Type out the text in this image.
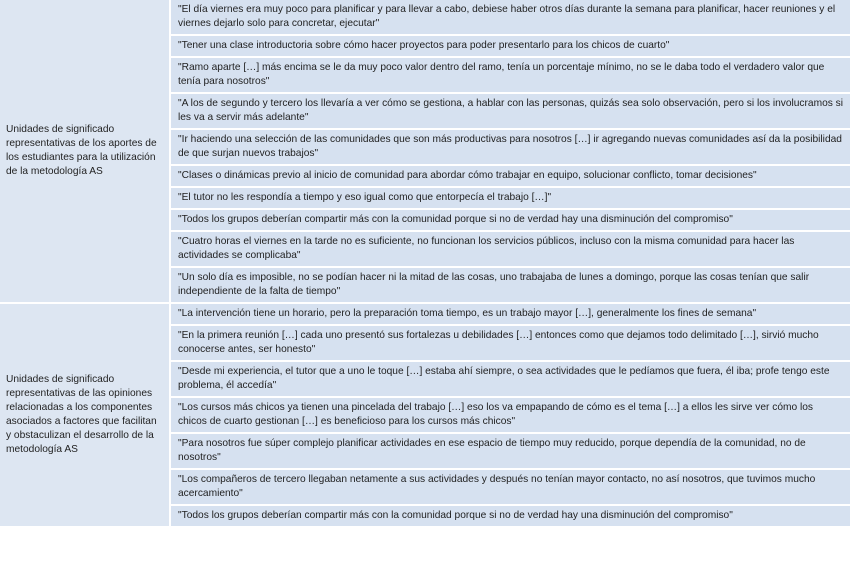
Unidades de significado representativas de los aportes de los estudiantes para la utilización de la metodología AS	"El día viernes era muy poco para planificar y para llevar a cabo, debiese haber otros días durante la semana para planificar, hacer reuniones y el viernes dejarlo solo para concretar, ejecutar"
	"Tener una clase introductoria sobre cómo hacer proyectos para poder presentarlo para los chicos de cuarto"
	"Ramo aparte […] más encima se le da muy poco valor dentro del ramo, tenía un porcentaje mínimo, no se le daba todo el verdadero valor que tenía para nosotros"
	"A los de segundo y tercero los llevaría a ver cómo se gestiona, a hablar con las personas, quizás sea solo observación, pero si los involucramos si les va a servir más adelante"
	"Ir haciendo una selección de las comunidades que son más productivas para nosotros […] ir agregando nuevas comunidades así da la posibilidad de que surjan nuevos trabajos"
	"Clases o dinámicas previo al inicio de comunidad para abordar cómo trabajar en equipo, solucionar conflicto, tomar decisiones"
	"El tutor no les respondía a tiempo y eso igual como que entorpecía el trabajo […]"
	"Todos los grupos deberían compartir más con la comunidad porque si no de verdad hay una disminución del compromiso"
	"Cuatro horas el viernes en la tarde no es suficiente, no funcionan los servicios públicos, incluso con la misma comunidad para hacer las actividades se complicaba"
	"Un solo día es imposible, no se podían hacer ni la mitad de las cosas, uno trabajaba de lunes a domingo, porque las cosas tenían que salir independiente de la falta de tiempo"
Unidades de significado representativas de las opiniones relacionadas a los componentes asociados a factores que facilitan y obstaculizan el desarrollo de la metodología AS	"La intervención tiene un horario, pero la preparación toma tiempo, es un trabajo mayor […], generalmente los fines de semana"
	"En la primera reunión […] cada uno presentó sus fortalezas u debilidades […] entonces como que dejamos todo delimitado […], sirvió mucho conocerse antes, ser honesto"
	"Desde mi experiencia, el tutor que a uno le toque […] estaba ahí siempre, o sea actividades que le pedíamos que fuera, él iba; profe tengo este problema, él accedía"
	"Los cursos más chicos ya tienen una pincelada del trabajo […] eso los va empapando de cómo es el tema […] a ellos les sirve ver cómo los chicos de cuarto gestionan […] es beneficioso para los cursos más chicos"
	"Para nosotros fue súper complejo planificar actividades en ese espacio de tiempo muy reducido, porque dependía de la comunidad, no de nosotros"
	"Los compañeros de tercero llegaban netamente a sus actividades y después no tenían mayor contacto, no así nosotros, que tuvimos mucho acercamiento"
	"Todos los grupos deberían compartir más con la comunidad porque si no de verdad hay una disminución del compromiso"
